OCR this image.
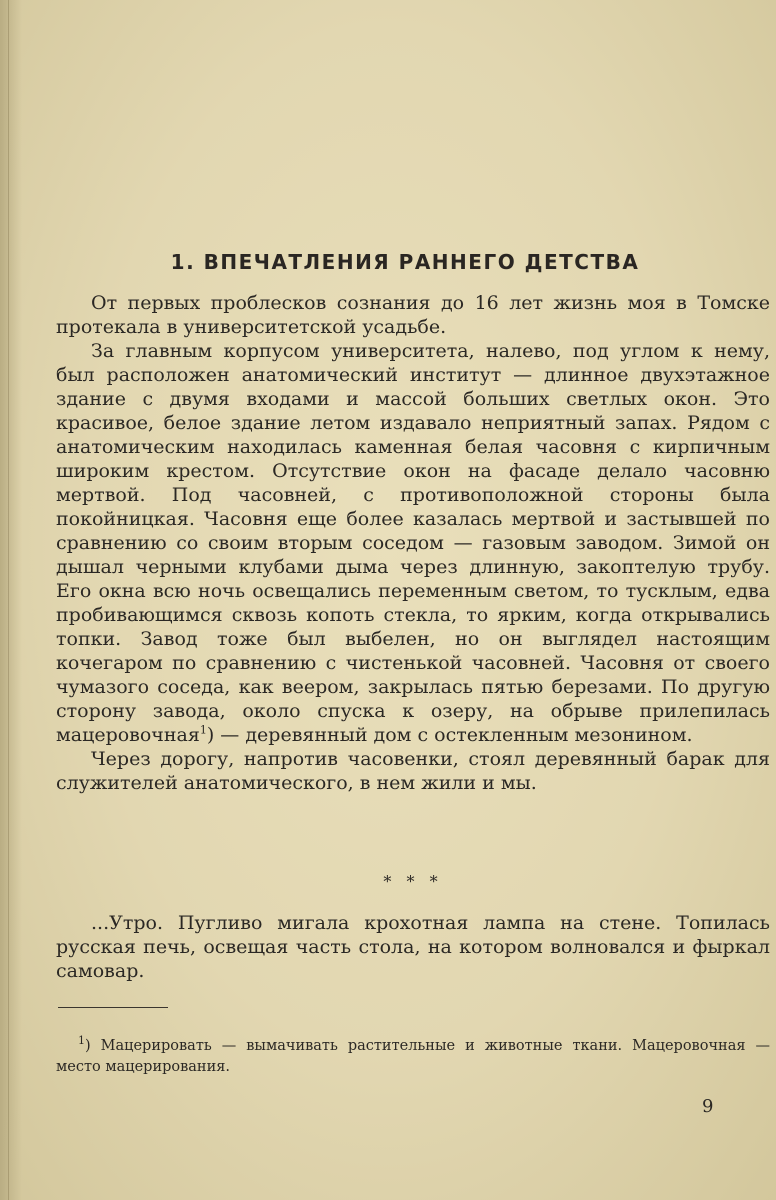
1. ВПЕЧАТЛЕНИЯ РАННЕГО ДЕТСТВА

От первых проблесков сознания до 16 лет жизнь моя в Томске протекала в университетской усадьбе.

За главным корпусом университета, налево, под углом к нему, был расположен анатомический институт — длинное двухэтажное здание с двумя входами и массой больших светлых окон. Это красивое, белое здание летом издавало неприятный запах. Рядом с анатомическим находилась каменная белая часовня с кирпичным широким крестом. Отсутствие окон на фасаде делало часовню мертвой. Под часовней, с противоположной стороны была покойницкая. Часовня еще более казалась мертвой и застывшей по сравнению со своим вторым соседом — газовым заводом. Зимой он дышал черными клубами дыма через длинную, закоптелую трубу. Его окна всю ночь освещались переменным светом, то тусклым, едва пробивающимся сквозь копоть стекла, то ярким, когда открывались топки. Завод тоже был выбелен, но он выглядел настоящим кочегаром по сравнению с чистенькой часовней. Часовня от своего чумазого соседа, как веером, закрылась пятью березами. По другую сторону завода, около спуска к озеру, на обрыве прилепилась мацеровочная$^1$) — деревянный дом с остекленным мезонином.

Через дорогу, напротив часовенки, стоял деревянный барак для служителей анатомического, в нем жили и мы.

* * *

...Утро. Пугливо мигала крохотная лампа на стене. Топилась русская печь, освещая часть стола, на котором волновался и фыркал самовар.

$^1$) Мацерировать — вымачивать растительные и животные ткани. Мацеровочная — место мацерирования.

9
